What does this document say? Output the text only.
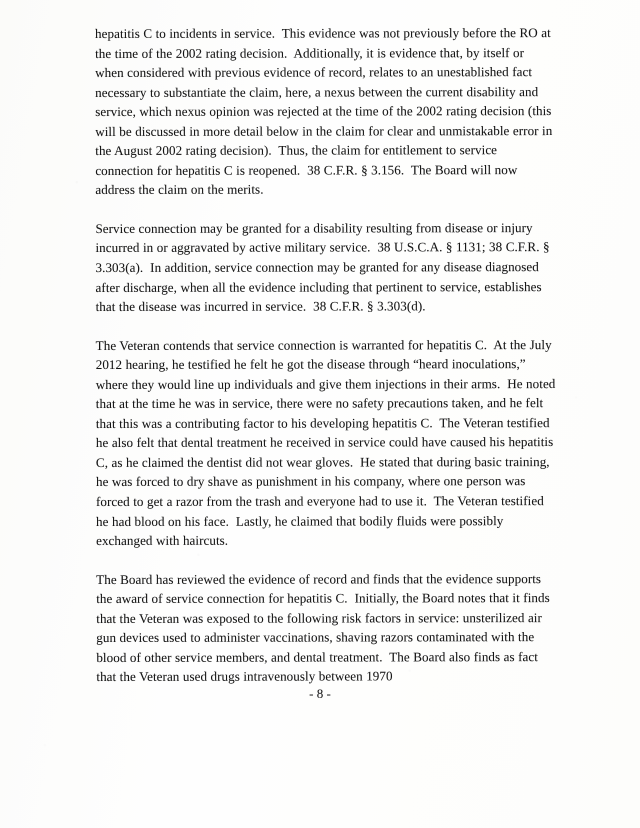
hepatitis C to incidents in service.  This evidence was not previously before the RO at the time of the 2002 rating decision.  Additionally, it is evidence that, by itself or when considered with previous evidence of record, relates to an unestablished fact necessary to substantiate the claim, here, a nexus between the current disability and service, which nexus opinion was rejected at the time of the 2002 rating decision (this will be discussed in more detail below in the claim for clear and unmistakable error in the August 2002 rating decision).  Thus, the claim for entitlement to service connection for hepatitis C is reopened.  38 C.F.R. § 3.156.  The Board will now address the claim on the merits.

Service connection may be granted for a disability resulting from disease or injury incurred in or aggravated by active military service.  38 U.S.C.A. § 1131; 38 C.F.R. § 3.303(a).  In addition, service connection may be granted for any disease diagnosed after discharge, when all the evidence including that pertinent to service, establishes that the disease was incurred in service.  38 C.F.R. § 3.303(d).

The Veteran contends that service connection is warranted for hepatitis C.  At the July 2012 hearing, he testified he felt he got the disease through “heard inoculations,” where they would line up individuals and give them injections in their arms.  He noted that at the time he was in service, there were no safety precautions taken, and he felt that this was a contributing factor to his developing hepatitis C.  The Veteran testified he also felt that dental treatment he received in service could have caused his hepatitis C, as he claimed the dentist did not wear gloves.  He stated that during basic training, he was forced to dry shave as punishment in his company, where one person was forced to get a razor from the trash and everyone had to use it.  The Veteran testified he had blood on his face.  Lastly, he claimed that bodily fluids were possibly exchanged with haircuts.

The Board has reviewed the evidence of record and finds that the evidence supports the award of service connection for hepatitis C.  Initially, the Board notes that it finds that the Veteran was exposed to the following risk factors in service: unsterilized air gun devices used to administer vaccinations, shaving razors contaminated with the blood of other service members, and dental treatment.  The Board also finds as fact that the Veteran used drugs intravenously between 1970

- 8 -
